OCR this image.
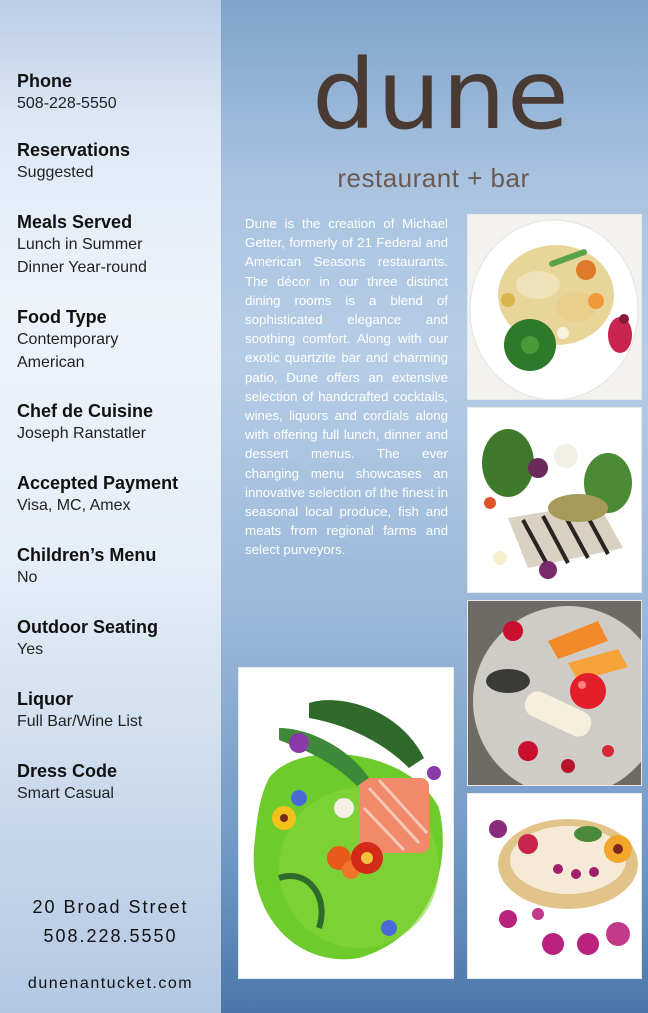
Phone
508-228-5550
Reservations
Suggested
Meals Served
Lunch in Summer
Dinner Year-round
Food Type
Contemporary
American
Chef de Cuisine
Joseph Ranstatler
Accepted Payment
Visa, MC, Amex
Children’s Menu
No
Outdoor Seating
Yes
Liquor
Full Bar/Wine List
Dress Code
Smart Casual
20 Broad Street
508.228.5550
dunenantucket.com
dune
restaurant + bar
Dune is the creation of Michael Getter, formerly of 21 Federal and American Seasons restaurants. The décor in our three distinct dining rooms is a blend of sophisticated elegance and soothing comfort. Along with our exotic quartzite bar and charming patio, Dune offers an extensive selection of handcrafted cocktails, wines, liquors and cordials along with offering full lunch, dinner and dessert menus. The ever changing menu showcases an innovative selection of the finest in seasonal local produce, fish and meats from regional farms and select purveyors.
